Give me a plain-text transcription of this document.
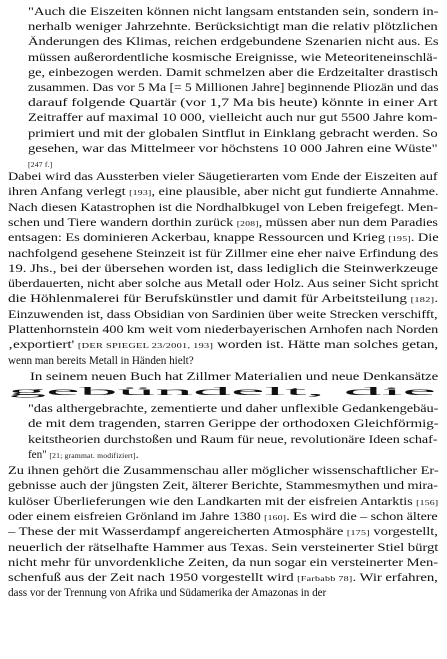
"Auch die Eiszeiten können nicht langsam entstanden sein, sondern in-
nerhalb weniger Jahrzehnte. Berücksichtigt man die relativ plötzlichen
Änderungen des Klimas, reichen erdgebundene Szenarien nicht aus. Es
müssen außerordentliche kosmische Ereignisse, wie Meteoriteneinschlä-
ge, einbezogen werden. Damit schmelzen aber die Erdzeitalter drastisch
zusammen. Das vor 5 Ma [= 5 Millionen Jahre] beginnende Pliozän und das
darauf folgende Quartär (vor 1,7 Ma bis heute) könnte in einer Art
Zeitraffer auf maximal 10 000, vielleicht auch nur gut 5500 Jahre kom-
primiert und mit der globalen Sintflut in Einklang gebracht werden. So
gesehen, war das Mittelmeer vor höchstens 10 000 Jahren eine Wüste"
[247 f.]
Dabei wird das Aussterben vieler Säugetierarten vom Ende der Eiszeiten auf
ihren Anfang verlegt [193], eine plausible, aber nicht gut fundierte Annahme.
Nach diesen Katastrophen ist die Nordhalbkugel von Leben freigefegt. Men-
schen und Tiere wandern dorthin zurück [208], müssen aber nun dem Paradies
entsagen: Es dominieren Ackerbau, knappe Ressourcen und Krieg [195]. Die
nachfolgend gesehene Steinzeit ist für Zillmer eine eher naive Erfindung des
19. Jhs., bei der übersehen worden ist, dass lediglich die Steinwerkzeuge
überdauerten, nicht aber solche aus Metall oder Holz. Aus seiner Sicht spricht
die Höhlenmalerei für Berufskünstler und damit für Arbeitsteilung [182].
Einzuwenden ist, dass Obsidian von Sardinien über weite Strecken verschifft,
Plattenhornstein 400 km weit vom niederbayerischen Arnhofen nach Norden
‚exportiert' [DER SPIEGEL 23/2001, 193] worden ist. Hätte man solches getan,
wenn man bereits Metall in Händen hielt?
In seinem neuen Buch hat Zillmer Materialien und neue Denkansätze
gebündelt, die
"das althergebrachte, zementierte und daher unflexible Gedankengebäu-
de mit dem tragenden, starren Gerippe der orthodoxen Gleichförmig-
keitstheorien durchstoßen und Raum für neue, revolutionäre Ideen schaf-
fen" [21; grammat. modifiziert].
Zu ihnen gehört die Zusammenschau aller möglicher wissenschaftlicher Er-
gebnisse auch der jüngsten Zeit, älterer Berichte, Stammesmythen und mira-
kulöser Überlieferungen wie den Landkarten mit der eisfreien Antarktis [156]
oder einem eisfreien Grönland im Jahre 1380 [160]. Es wird die – schon ältere
– These der mit Wasserdampf angereicherten Atmosphäre [175] vorgestellt,
neuerlich der rätselhafte Hammer aus Texas. Sein versteinerter Stiel bürgt
nicht mehr für unvordenkliche Zeiten, da nun sogar ein versteinerter Men-
schenfuß aus der Zeit nach 1950 vorgestellt wird [Farbabb 78]. Wir erfahren,
dass vor der Trennung von Afrika und Südamerika der Amazonas in der
